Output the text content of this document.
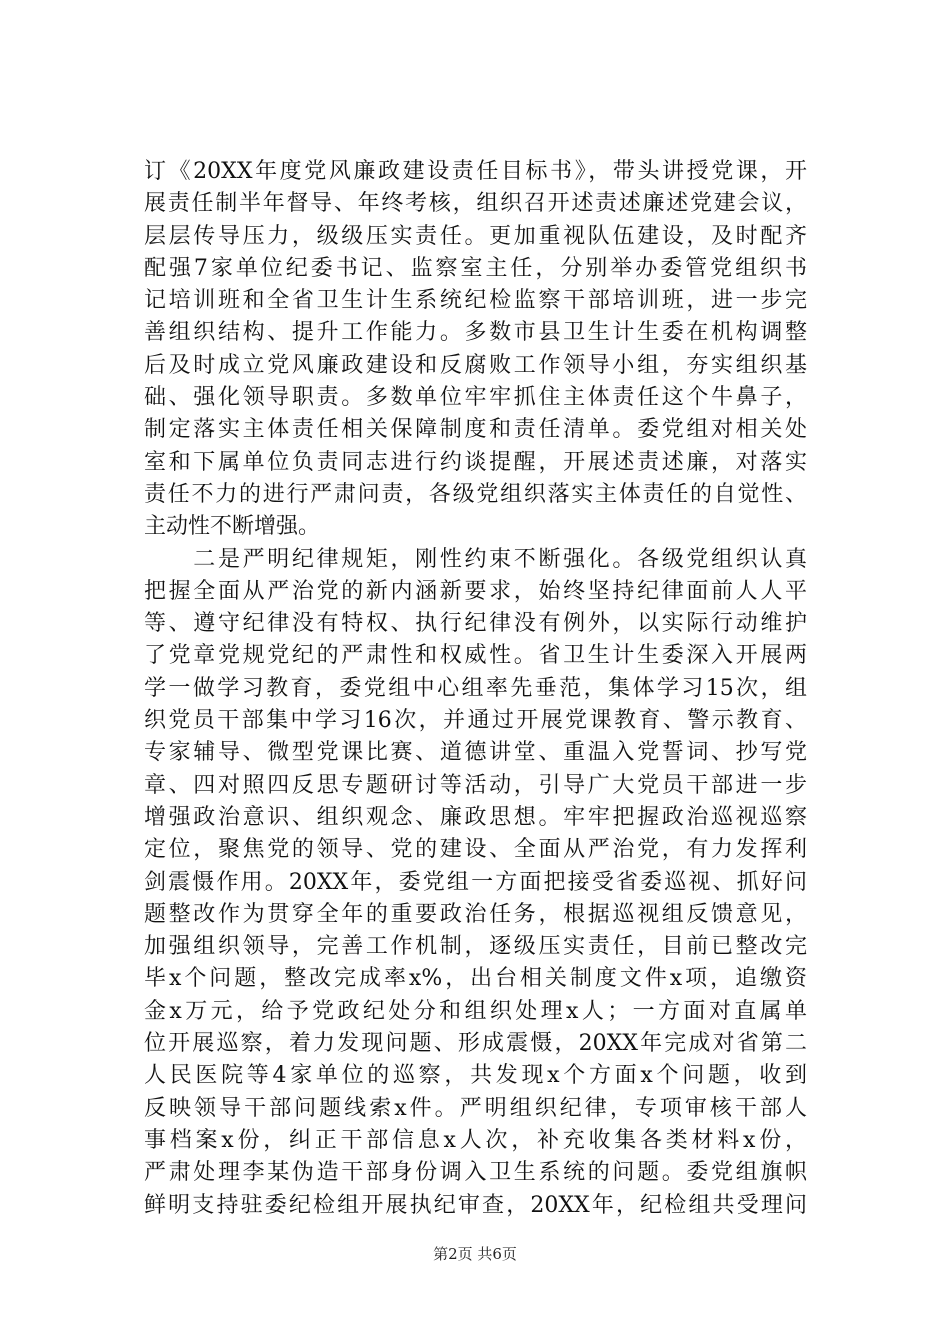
订《20XX年度党风廉政建设责任目标书》，带头讲授党课，开
展责任制半年督导、年终考核，组织召开述责述廉述党建会议，
层层传导压力，级级压实责任。更加重视队伍建设，及时配齐
配强7家单位纪委书记、监察室主任，分别举办委管党组织书
记培训班和全省卫生计生系统纪检监察干部培训班，进一步完
善组织结构、提升工作能力。多数市县卫生计生委在机构调整
后及时成立党风廉政建设和反腐败工作领导小组，夯实组织基
础、强化领导职责。多数单位牢牢抓住主体责任这个牛鼻子，
制定落实主体责任相关保障制度和责任清单。委党组对相关处
室和下属单位负责同志进行约谈提醒，开展述责述廉，对落实
责任不力的进行严肃问责，各级党组织落实主体责任的自觉性、
主动性不断增强。
　　二是严明纪律规矩，刚性约束不断强化。各级党组织认真
把握全面从严治党的新内涵新要求，始终坚持纪律面前人人平
等、遵守纪律没有特权、执行纪律没有例外，以实际行动维护
了党章党规党纪的严肃性和权威性。省卫生计生委深入开展两
学一做学习教育，委党组中心组率先垂范，集体学习15次，组
织党员干部集中学习16次，并通过开展党课教育、警示教育、
专家辅导、微型党课比赛、道德讲堂、重温入党誓词、抄写党
章、四对照四反思专题研讨等活动，引导广大党员干部进一步
增强政治意识、组织观念、廉政思想。牢牢把握政治巡视巡察
定位，聚焦党的领导、党的建设、全面从严治党，有力发挥利
剑震慑作用。20XX年，委党组一方面把接受省委巡视、抓好问
题整改作为贯穿全年的重要政治任务，根据巡视组反馈意见，
加强组织领导，完善工作机制，逐级压实责任，目前已整改完
毕x个问题，整改完成率x%，出台相关制度文件x项，追缴资
金x万元，给予党政纪处分和组织处理x人；一方面对直属单
位开展巡察，着力发现问题、形成震慑，20XX年完成对省第二
人民医院等4家单位的巡察，共发现x个方面x个问题，收到
反映领导干部问题线索x件。严明组织纪律，专项审核干部人
事档案x份，纠正干部信息x人次，补充收集各类材料x份，
严肃处理李某伪造干部身份调入卫生系统的问题。委党组旗帜
鲜明支持驻委纪检组开展执纪审查，20XX年，纪检组共受理问
第2页 共6页
